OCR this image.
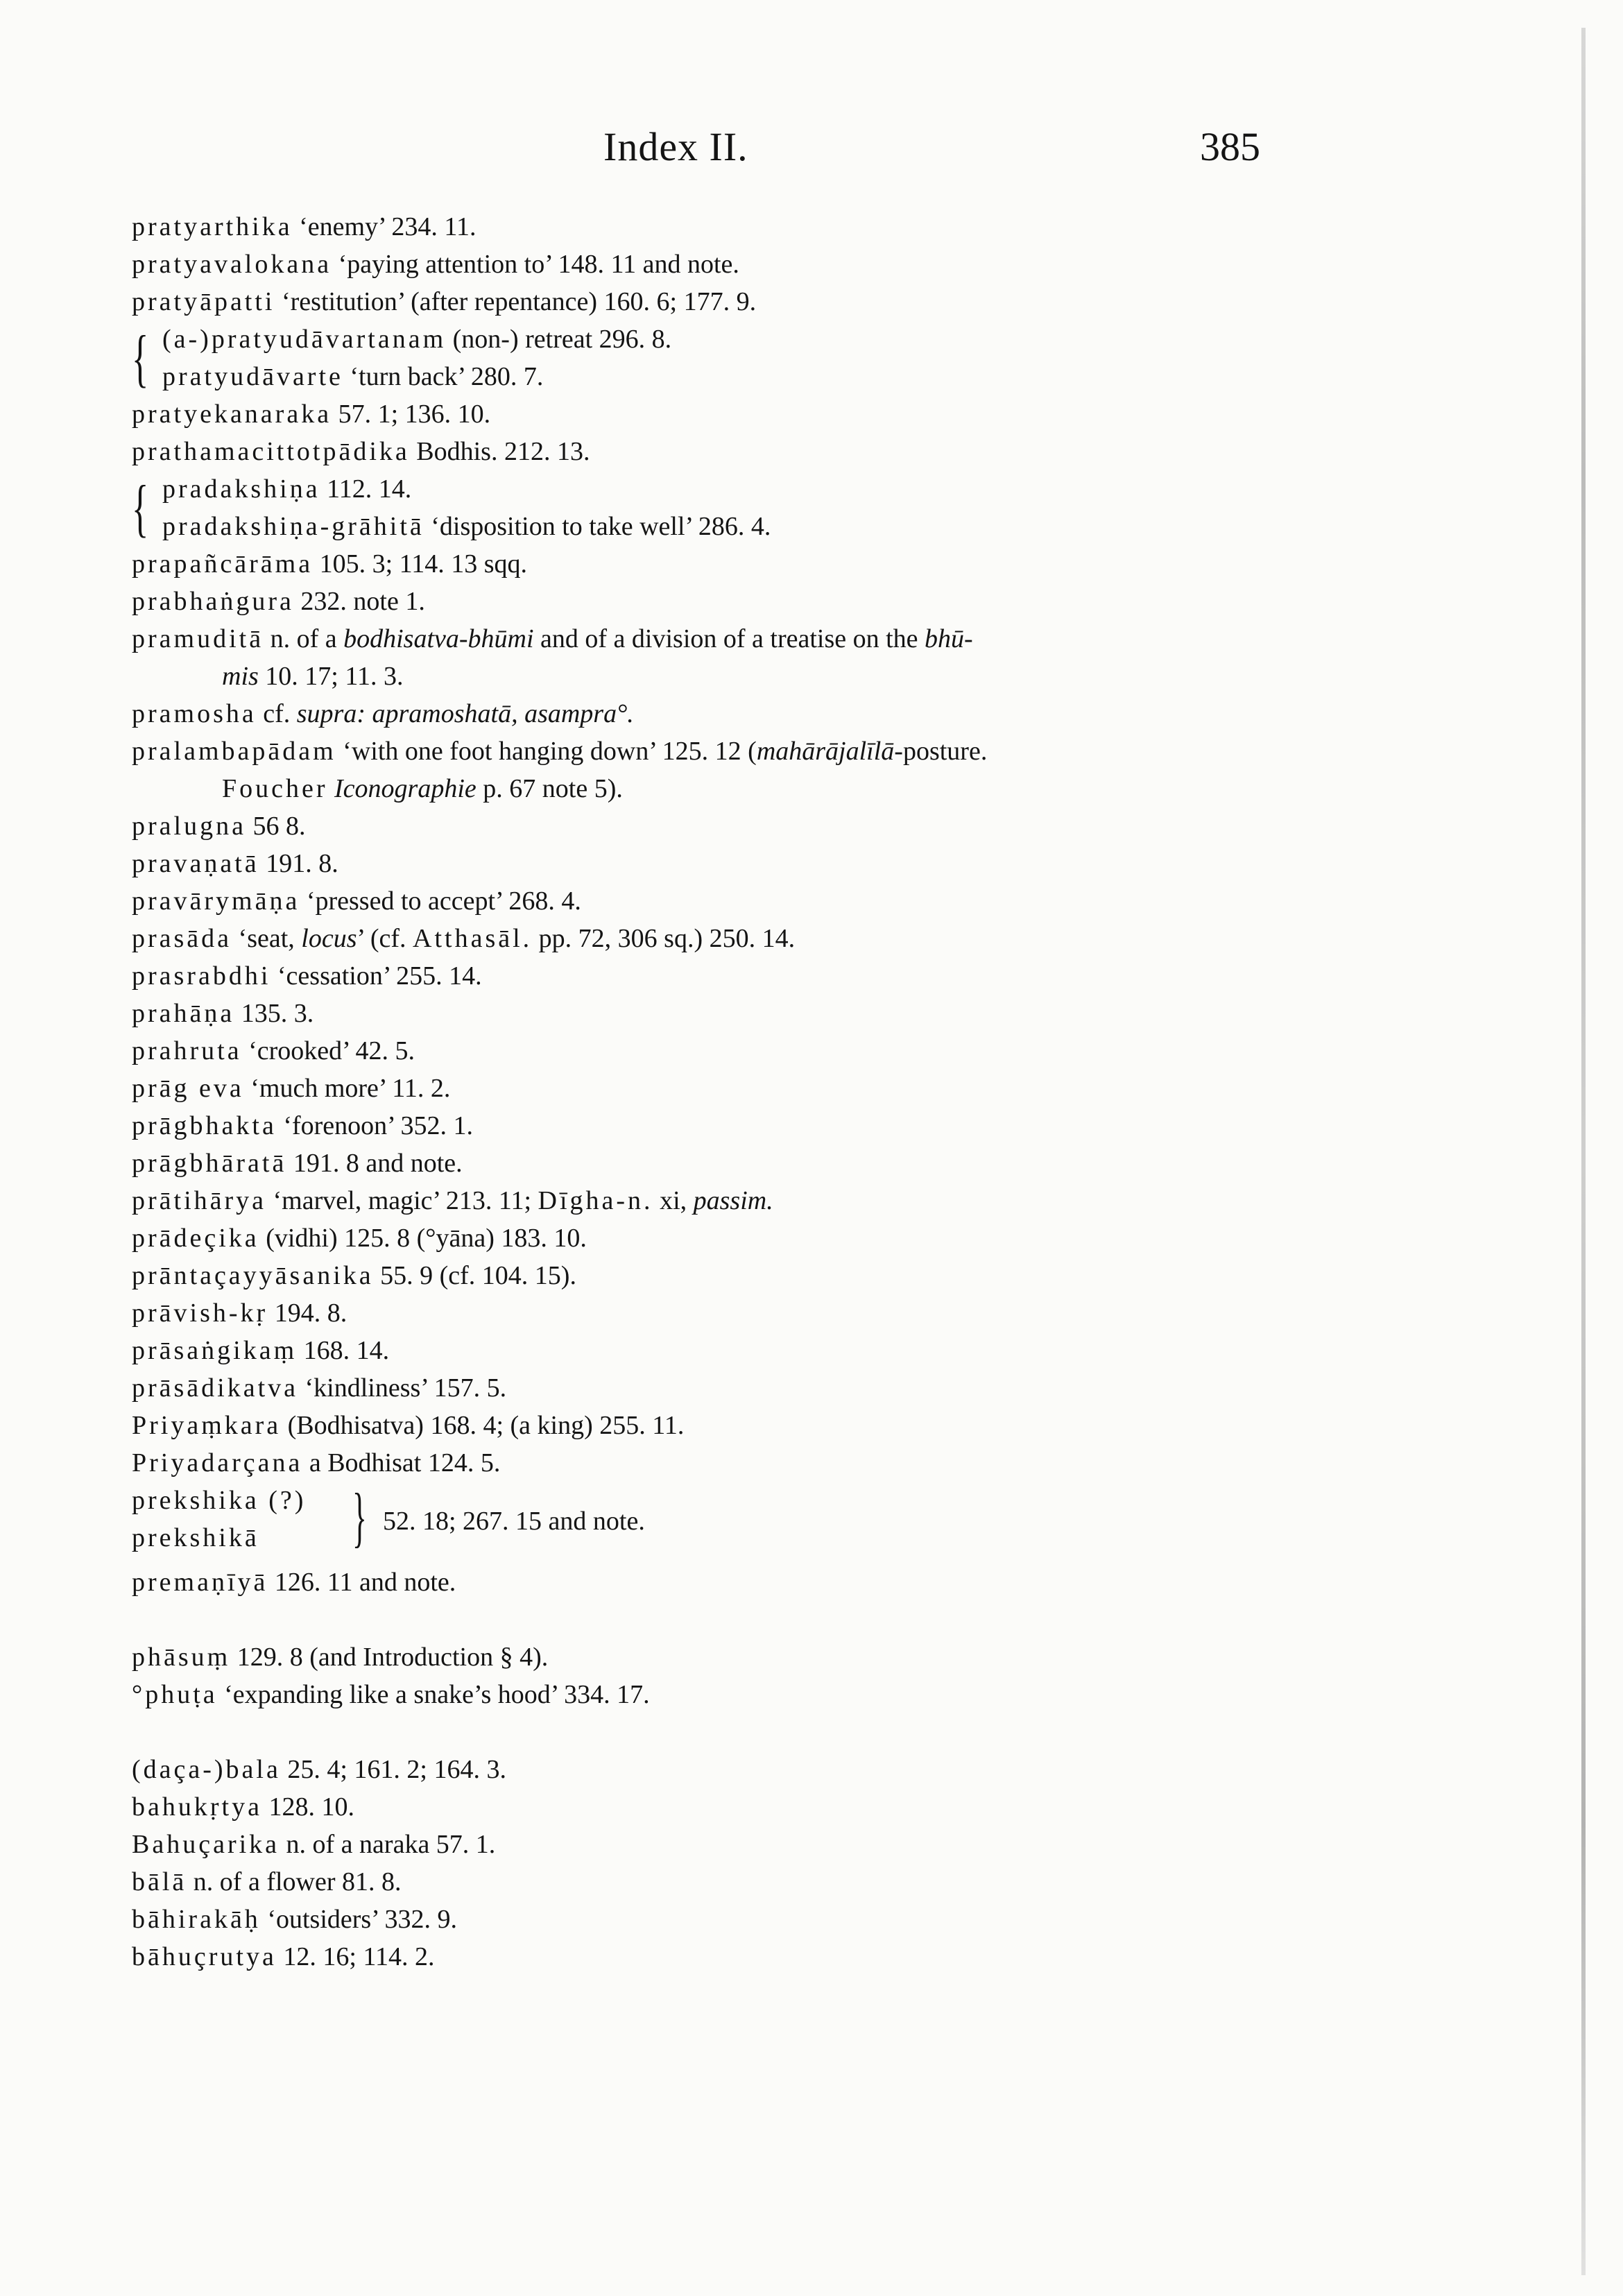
Index II.	385
pratyarthika ‘enemy’ 234. 11.
pratyavalokana ‘paying attention to’ 148. 11 and note.
pratyāpatti ‘restitution’ (after repentance) 160. 6; 177. 9.
{ (a-)pratyudāvartanam (non-) retreat 296. 8.
pratyudāvarte ‘turn back’ 280. 7.
pratyekanaraka 57. 1; 136. 10.
prathamacittotpādika Bodhis. 212. 13.
{ pradakshiṇa 112. 14.
pradakshiṇa-grāhitā ‘disposition to take well’ 286. 4.
prapañcārāma 105. 3; 114. 13 sqq.
prabhaṅgura 232. note 1.
pramuditā n. of a bodhisatva-bhūmi and of a division of a treatise on the bhū-
mis 10. 17; 11. 3.
pramosha cf. supra: apramoshatā, asampra°.
pralambapādam ‘with one foot hanging down’ 125. 12 (mahārājalīlā-posture.
Foucher Iconographie p. 67 note 5).
pralugna 56 8.
pravaṇatā 191. 8.
pravārymāṇa ‘pressed to accept’ 268. 4.
prasāda ‘seat, locus’ (cf. Atthasāl. pp. 72, 306 sq.) 250. 14.
prasrabdhi ‘cessation’ 255. 14.
prahāṇa 135. 3.
prahruta ‘crooked’ 42. 5.
prāg eva ‘much more’ 11. 2.
prāgbhakta ‘forenoon’ 352. 1.
prāgbhāratā 191. 8 and note.
prātihārya ‘marvel, magic’ 213. 11; Dīgha-n. xi, passim.
prādeçika (vidhi) 125. 8 (°yāna) 183. 10.
prāntaçayyāsanika 55. 9 (cf. 104. 15).
prāvish-kṛ 194. 8.
prāsaṅgikaṃ 168. 14.
prāsādikatva ‘kindliness’ 157. 5.
Priyaṃkara (Bodhisatva) 168. 4; (a king) 255. 11.
Priyadarçana a Bodhisat 124. 5.
prekshika (?)
prekshikā	} 52. 18; 267. 15 and note.
premaṇīyā 126. 11 and note.
phāsuṃ 129. 8 (and Introduction § 4).
°phuṭa ‘expanding like a snake’s hood’ 334. 17.
(daça-)bala 25. 4; 161. 2; 164. 3.
bahukṛtya 128. 10.
Bahuçarika n. of a naraka 57. 1.
bālā n. of a flower 81. 8.
bāhirakāḥ ‘outsiders’ 332. 9.
bāhuçrutya 12. 16; 114. 2.
